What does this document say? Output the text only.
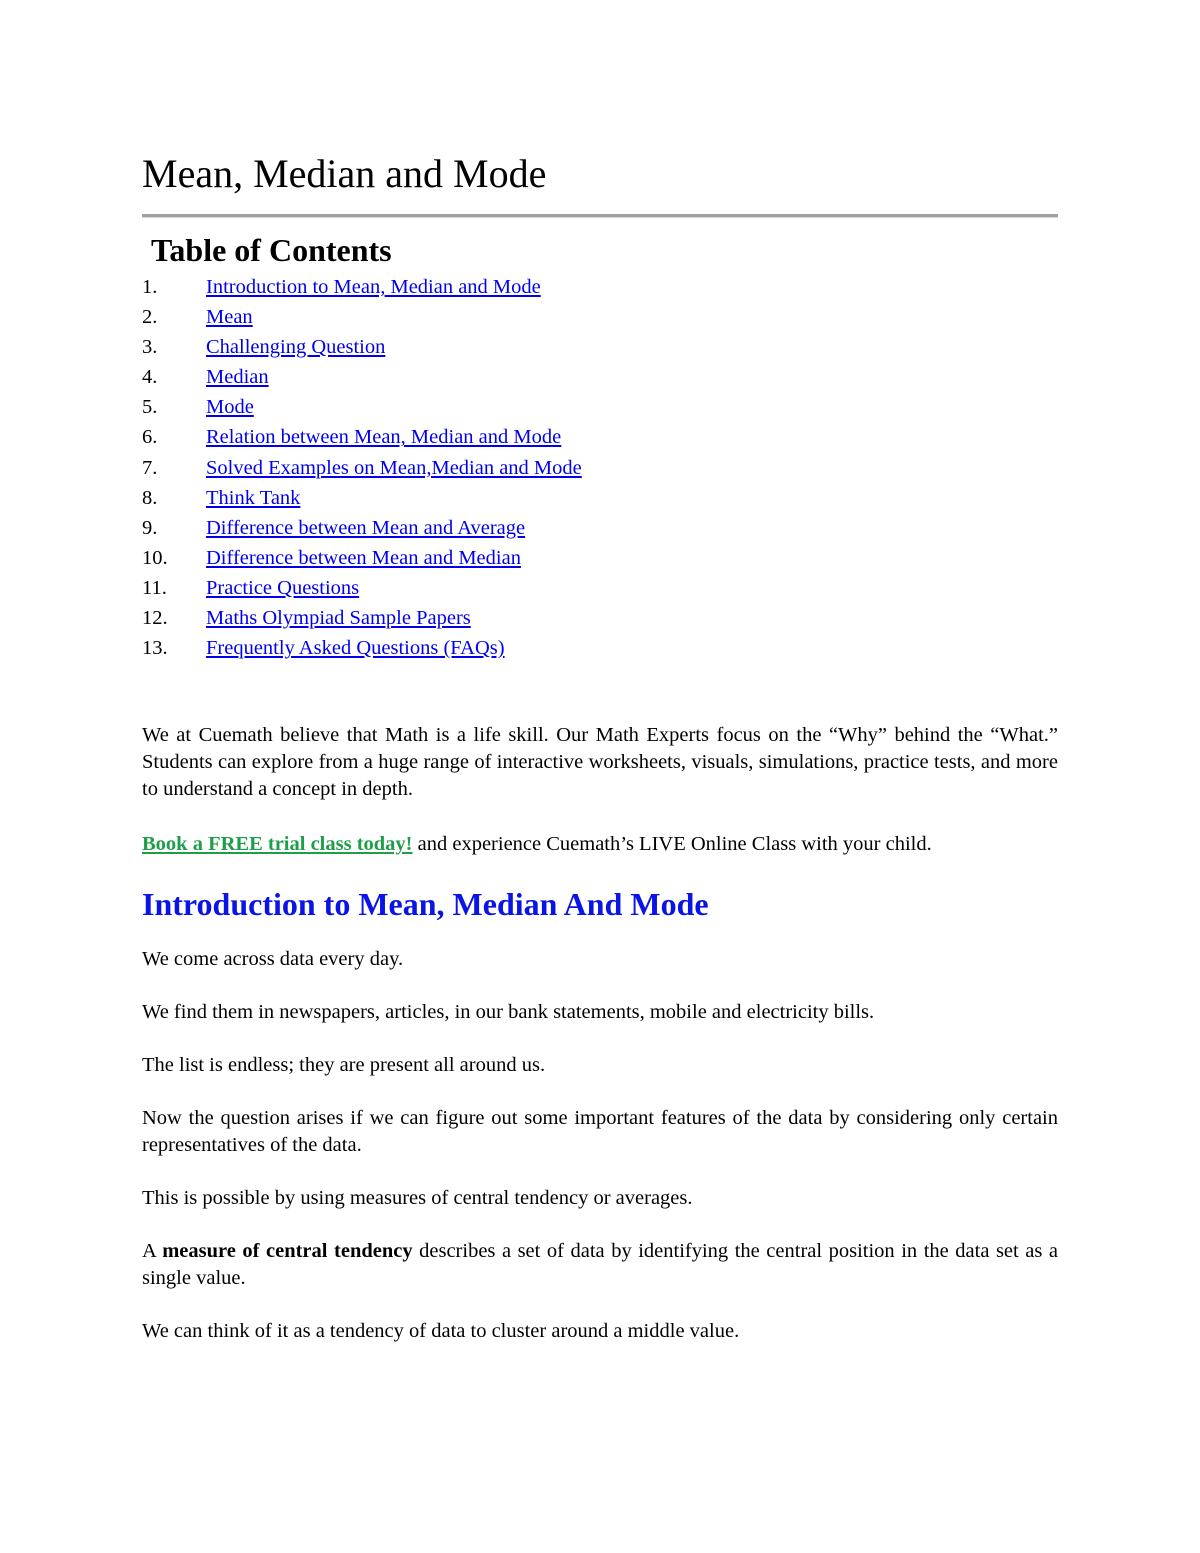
Mean, Median and Mode
Table of Contents
1.	Introduction to Mean, Median and Mode
2.	Mean
3.	Challenging Question
4.	Median
5.	Mode
6.	Relation between Mean, Median and Mode
7.	Solved Examples on Mean,Median and Mode
8.	Think Tank
9.	Difference between Mean and Average
10.	Difference between Mean and Median
11.	Practice Questions
12.	Maths Olympiad Sample Papers
13.	Frequently Asked Questions (FAQs)

We at Cuemath believe that Math is a life skill. Our Math Experts focus on the “Why” behind the “What.” Students can explore from a huge range of interactive worksheets, visuals, simulations, practice tests, and more to understand a concept in depth.

Book a FREE trial class today! and experience Cuemath’s LIVE Online Class with your child.

Introduction to Mean, Median And Mode

We come across data every day.

We find them in newspapers, articles, in our bank statements, mobile and electricity bills.

The list is endless; they are present all around us.

Now the question arises if we can figure out some important features of the data by considering only certain representatives of the data.

This is possible by using measures of central tendency or averages.

A measure of central tendency describes a set of data by identifying the central position in the data set as a single value.

We can think of it as a tendency of data to cluster around a middle value.
